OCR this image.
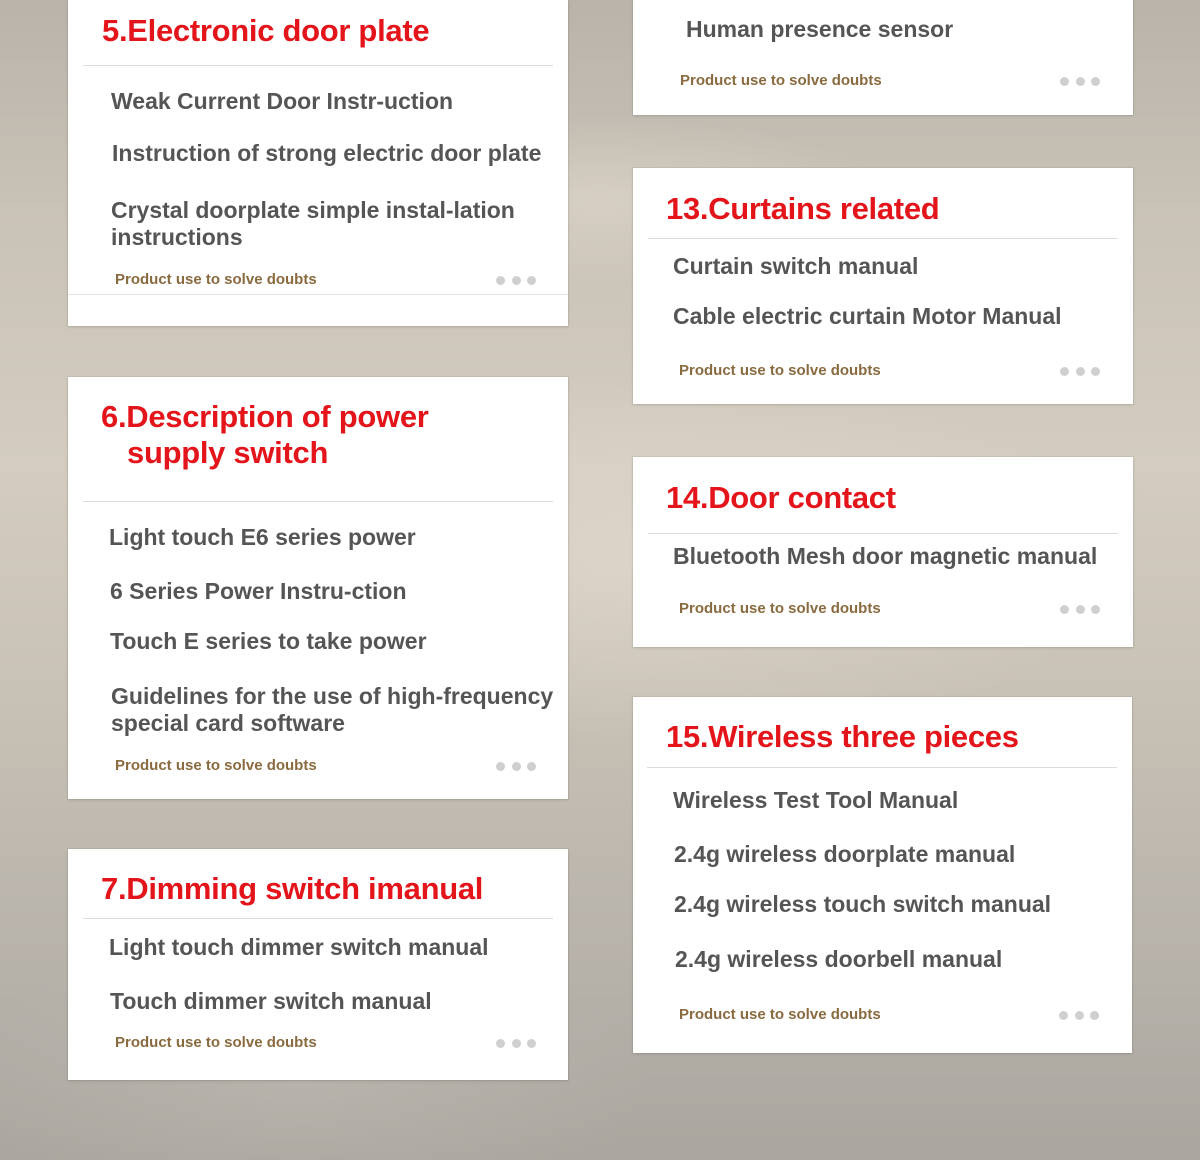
5.Electronic door plate
Weak Current Door Instr-uction
Instruction of strong electric door plate
Crystal doorplate simple instal-lation instructions
Product use to solve doubts
6.Description of power
supply switch
Light touch E6 series power
6 Series Power Instru-ction
Touch E series to take power
Guidelines for the use of high-frequency special card software
Product use to solve doubts
7.Dimming switch imanual
Light touch dimmer switch manual
Touch dimmer switch manual
Product use to solve doubts
Human presence sensor
Product use to solve doubts
13.Curtains related
Curtain switch manual
Cable electric curtain Motor Manual
Product use to solve doubts
14.Door contact
Bluetooth Mesh door magnetic manual
Product use to solve doubts
15.Wireless three pieces
Wireless Test Tool Manual
2.4g wireless doorplate manual
2.4g wireless touch switch manual
2.4g wireless doorbell manual
Product use to solve doubts
